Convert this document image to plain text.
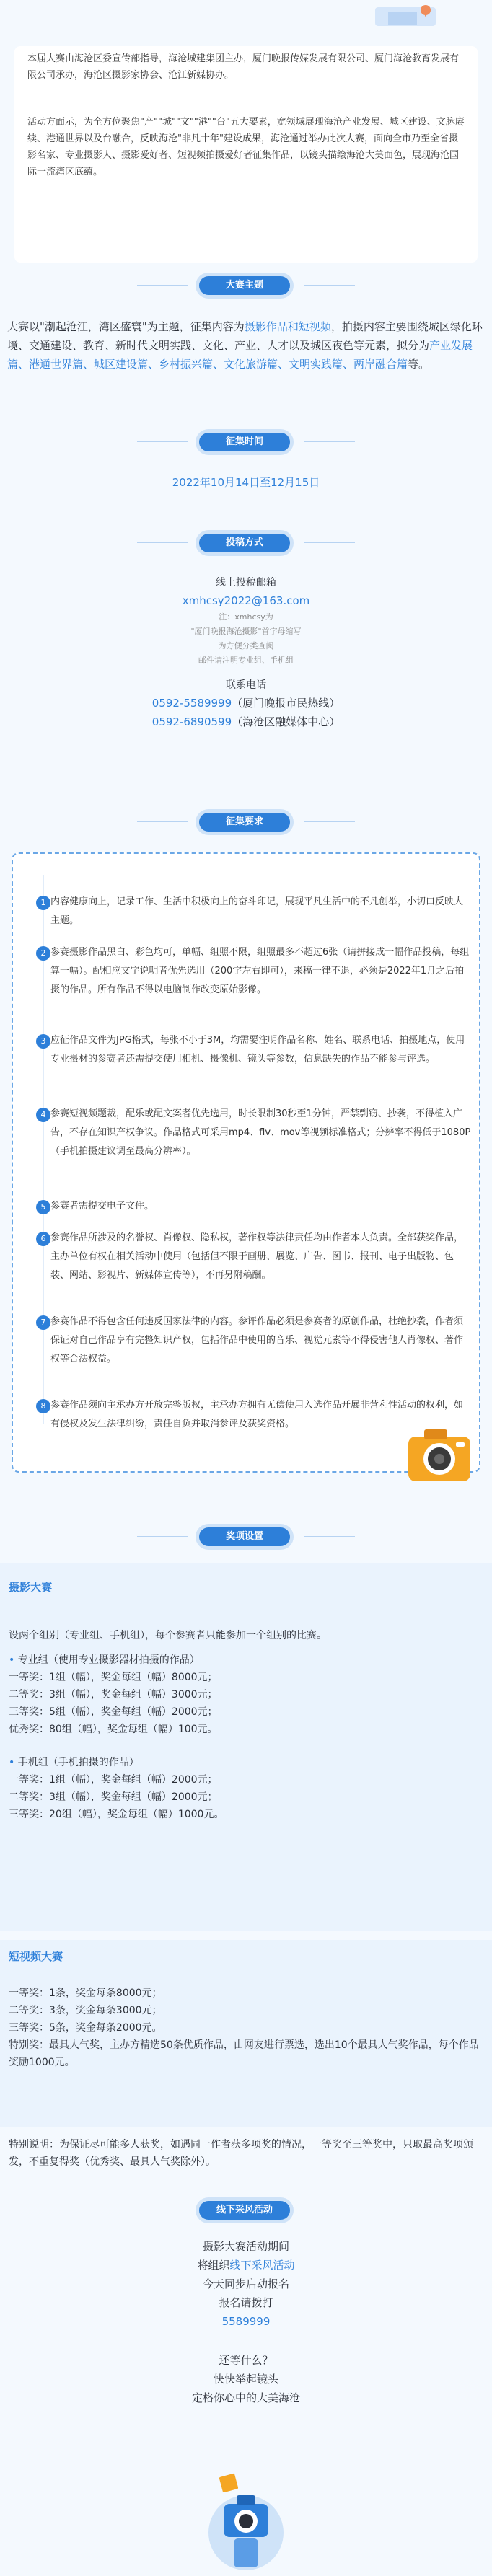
本届大赛由海沧区委宣传部指导，海沧城建集团主办，厦门晚报传媒发展有限公司、厦门海沧教育发展有限公司承办，海沧区摄影家协会、沧江新媒协办。

活动方面示，为全方位聚焦"产""城""文""港""台"五大要素，宽领域展现海沧产业发展、城区建设、文脉赓续、港通世界以及台融合，反映海沧"非凡十年"建设成果，海沧通过举办此次大赛，面向全市乃至全省摄影名家、专业摄影人、摄影爱好者、短视频拍摄爱好者征集作品，以镜头描绘海沧大美面色，展现海沧国际一流湾区底蕴。

大赛主题
大赛以"潮起沧江，湾区盛寰"为主题，征集内容为摄影作品和短视频，拍摄内容主要围绕城区绿化环境、交通建设、教育、新时代文明实践、文化、产业、人才以及城区夜色等元素，拟分为产业发展篇、港通世界篇、城区建设篇、乡村振兴篇、文化旅游篇、文明实践篇、两岸融合篇等。
征集时间
2022年10月14日至12月15日
投稿方式
线上投稿邮箱
xmhcsy2022@163.com
注：xmhcsy为
"厦门晚报海沧摄影"首字母缩写
为方便分类查阅
邮件请注明专业组、手机组
联系电话
0592-5589999（厦门晚报市民热线）
0592-6890599（海沧区融媒体中心）
征集要求
1 内容健康向上，记录工作、生活中积极向上的奋斗印记，展现平凡生活中的不凡创举，小切口反映大主题。
2 参赛摄影作品黑白、彩色均可，单幅、组照不限，组照最多不超过6张（请拼接成一幅作品投稿，每组算一幅）。配相应文字说明者优先选用（200字左右即可），来稿一律不退，必须是2022年1月之后拍摄的作品。所有作品不得以电脑制作改变原始影像。
3 应征作品文件为JPG格式，每张不小于3M，均需要注明作品名称、姓名、联系电话、拍摄地点，使用专业摄材的参赛者还需提交使用相机、摄像机、镜头等参数，信息缺失的作品不能参与评选。
4 参赛短视频题裁，配乐或配文案者优先选用，时长限制30秒至1分钟，严禁剽窃、抄袭，不得植入广告，不存在知识产权争议。作品格式可采用mp4、flv、mov等视频标准格式；分辨率不得低于1080P（手机拍摄建议调至最高分辨率）。
5 参赛者需提交电子文件。
6 参赛作品所涉及的名誉权、肖像权、隐私权，著作权等法律责任均由作者本人负责。全部获奖作品，主办单位有权在相关活动中使用（包括但不限于画册、展览、广告、图书、报刊、电子出版物、包装、网站、影视片、新媒体宣传等），不再另附稿酬。
7 参赛作品不得包含任何违反国家法律的内容。参评作品必须是参赛者的原创作品，杜绝抄袭，作者须保证对自己作品享有完整知识产权，包括作品中使用的音乐、视觉元素等不得侵害他人肖像权、著作权等合法权益。
8 参赛作品须向主承办方开放完整版权，主承办方拥有无偿使用入选作品开展非营利性活动的权利，如有侵权及发生法律纠纷，责任自负并取消参评及获奖资格。
奖项设置
摄影大赛
设两个组别（专业组、手机组），每个参赛者只能参加一个组别的比赛。
• 专业组（使用专业摄影器材拍摄的作品）
一等奖：1组（幅），奖金每组（幅）8000元；
二等奖：3组（幅），奖金每组（幅）3000元；
三等奖：5组（幅），奖金每组（幅）2000元；
优秀奖：80组（幅），奖金每组（幅）100元。
• 手机组（手机拍摄的作品）
一等奖：1组（幅），奖金每组（幅）2000元；
二等奖：3组（幅），奖金每组（幅）2000元；
三等奖：20组（幅），奖金每组（幅）1000元。
短视频大赛
一等奖：1条，奖金每条8000元；
二等奖：3条，奖金每条3000元；
三等奖：5条，奖金每条2000元。
特别奖：最具人气奖，主办方精选50条优质作品，由网友进行票选，选出10个最具人气奖作品，每个作品奖励1000元。
特别说明：为保证尽可能多人获奖，如遇同一作者获多项奖的情况，一等奖至三等奖中，只取最高奖项颁发，不重复得奖（优秀奖、最具人气奖除外）。
线下采风活动
摄影大赛活动期间
将组织线下采风活动
今天同步启动报名
报名请拨打
5589999
还等什么？
快快举起镜头
定格你心中的大美海沧
